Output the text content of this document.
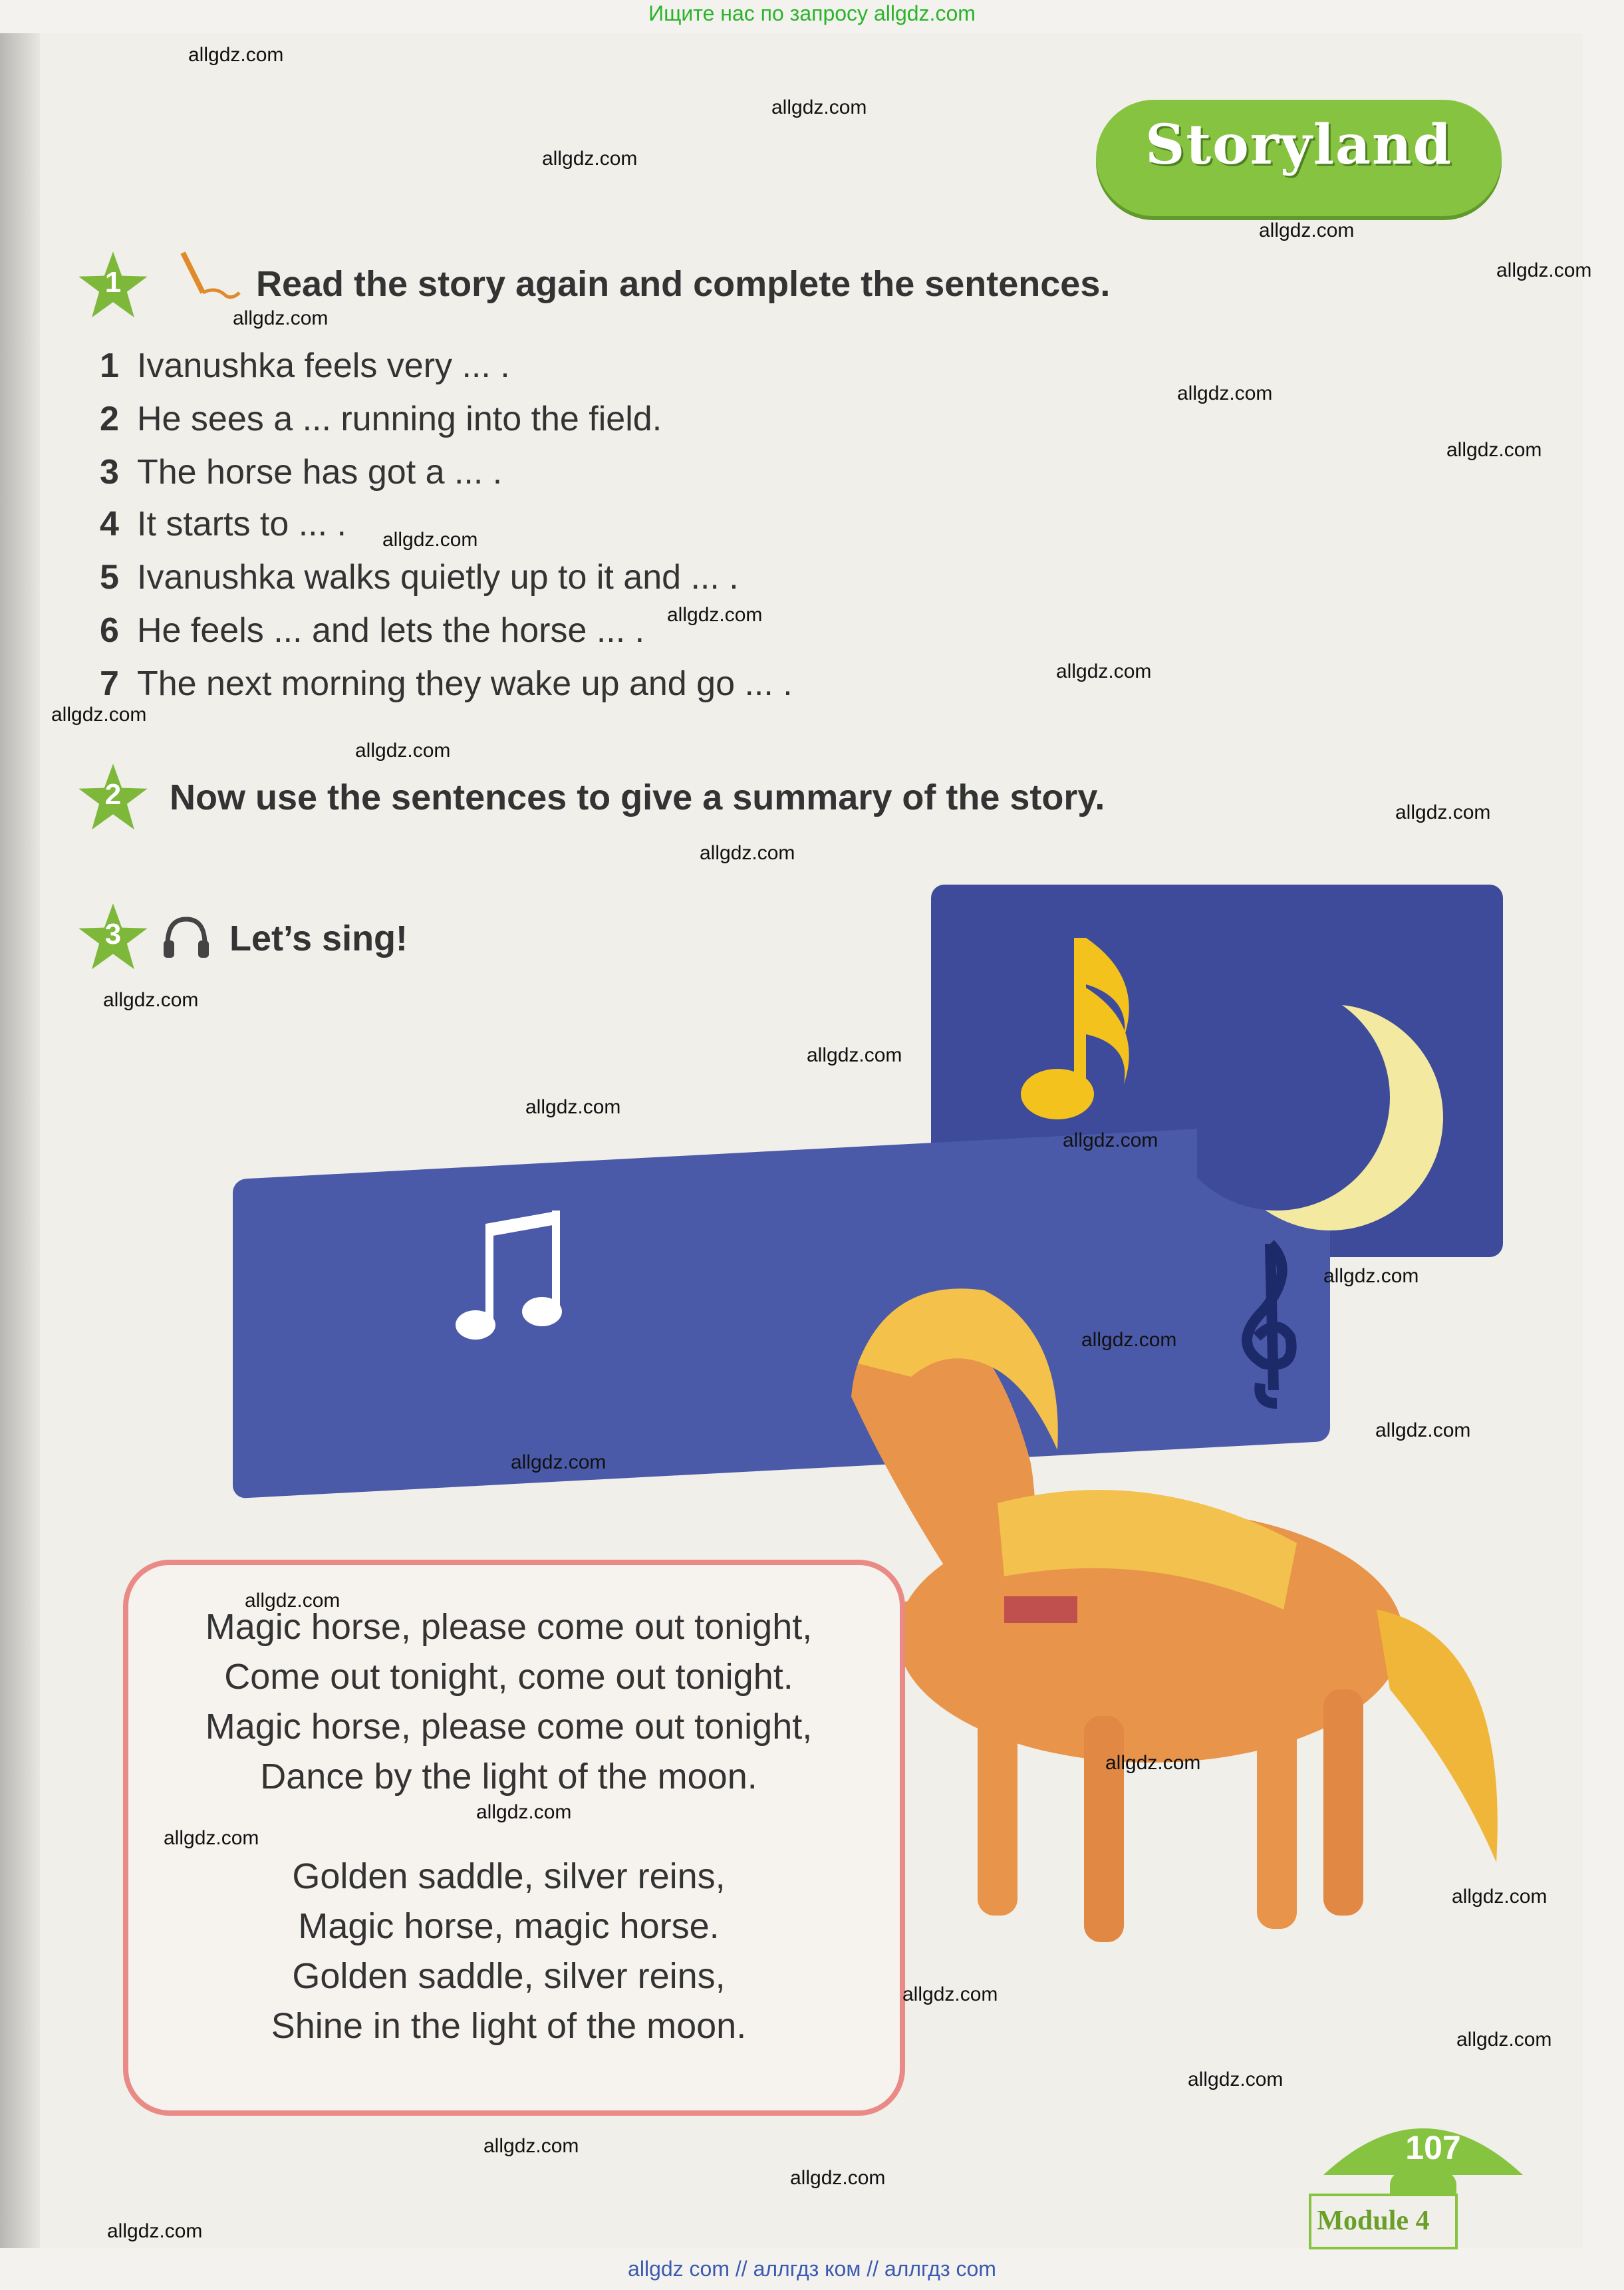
Ищите нас по запросу allgdz.com
Storyland
1	Read the story again and complete the sentences.
1 Ivanushka feels very ... .
2 He sees a ... running into the field.
3 The horse has got a ... .
4 It starts to ... .
5 Ivanushka walks quietly up to it and ... .
6 He feels ... and lets the horse ... .
7 The next morning they wake up and go ... .
2	Now use the sentences to give a summary of the story.
3	Let’s sing!
Magic horse, please come out tonight,
Come out tonight, come out tonight.
Magic horse, please come out tonight,
Dance by the light of the moon.
Golden saddle, silver reins,
Magic horse, magic horse.
Golden saddle, silver reins,
Shine in the light of the moon.
107
Module 4
allgdz.com
allgdz.com
allgdz.com
allgdz.com
allgdz.com
allgdz.com
allgdz.com
allgdz.com
allgdz.com
allgdz.com
allgdz.com
allgdz.com
allgdz.com
allgdz.com
allgdz.com
allgdz.com
allgdz.com
allgdz.com
allgdz.com
allgdz.com
allgdz.com
allgdz.com
allgdz.com
allgdz.com
allgdz.com
allgdz.com
allgdz.com
allgdz.com
allgdz.com
allgdz.com
allgdz.com
allgdz.com
allgdz.com
allgdz.com
allgdz com // аллгдз ком // аллгдз com
